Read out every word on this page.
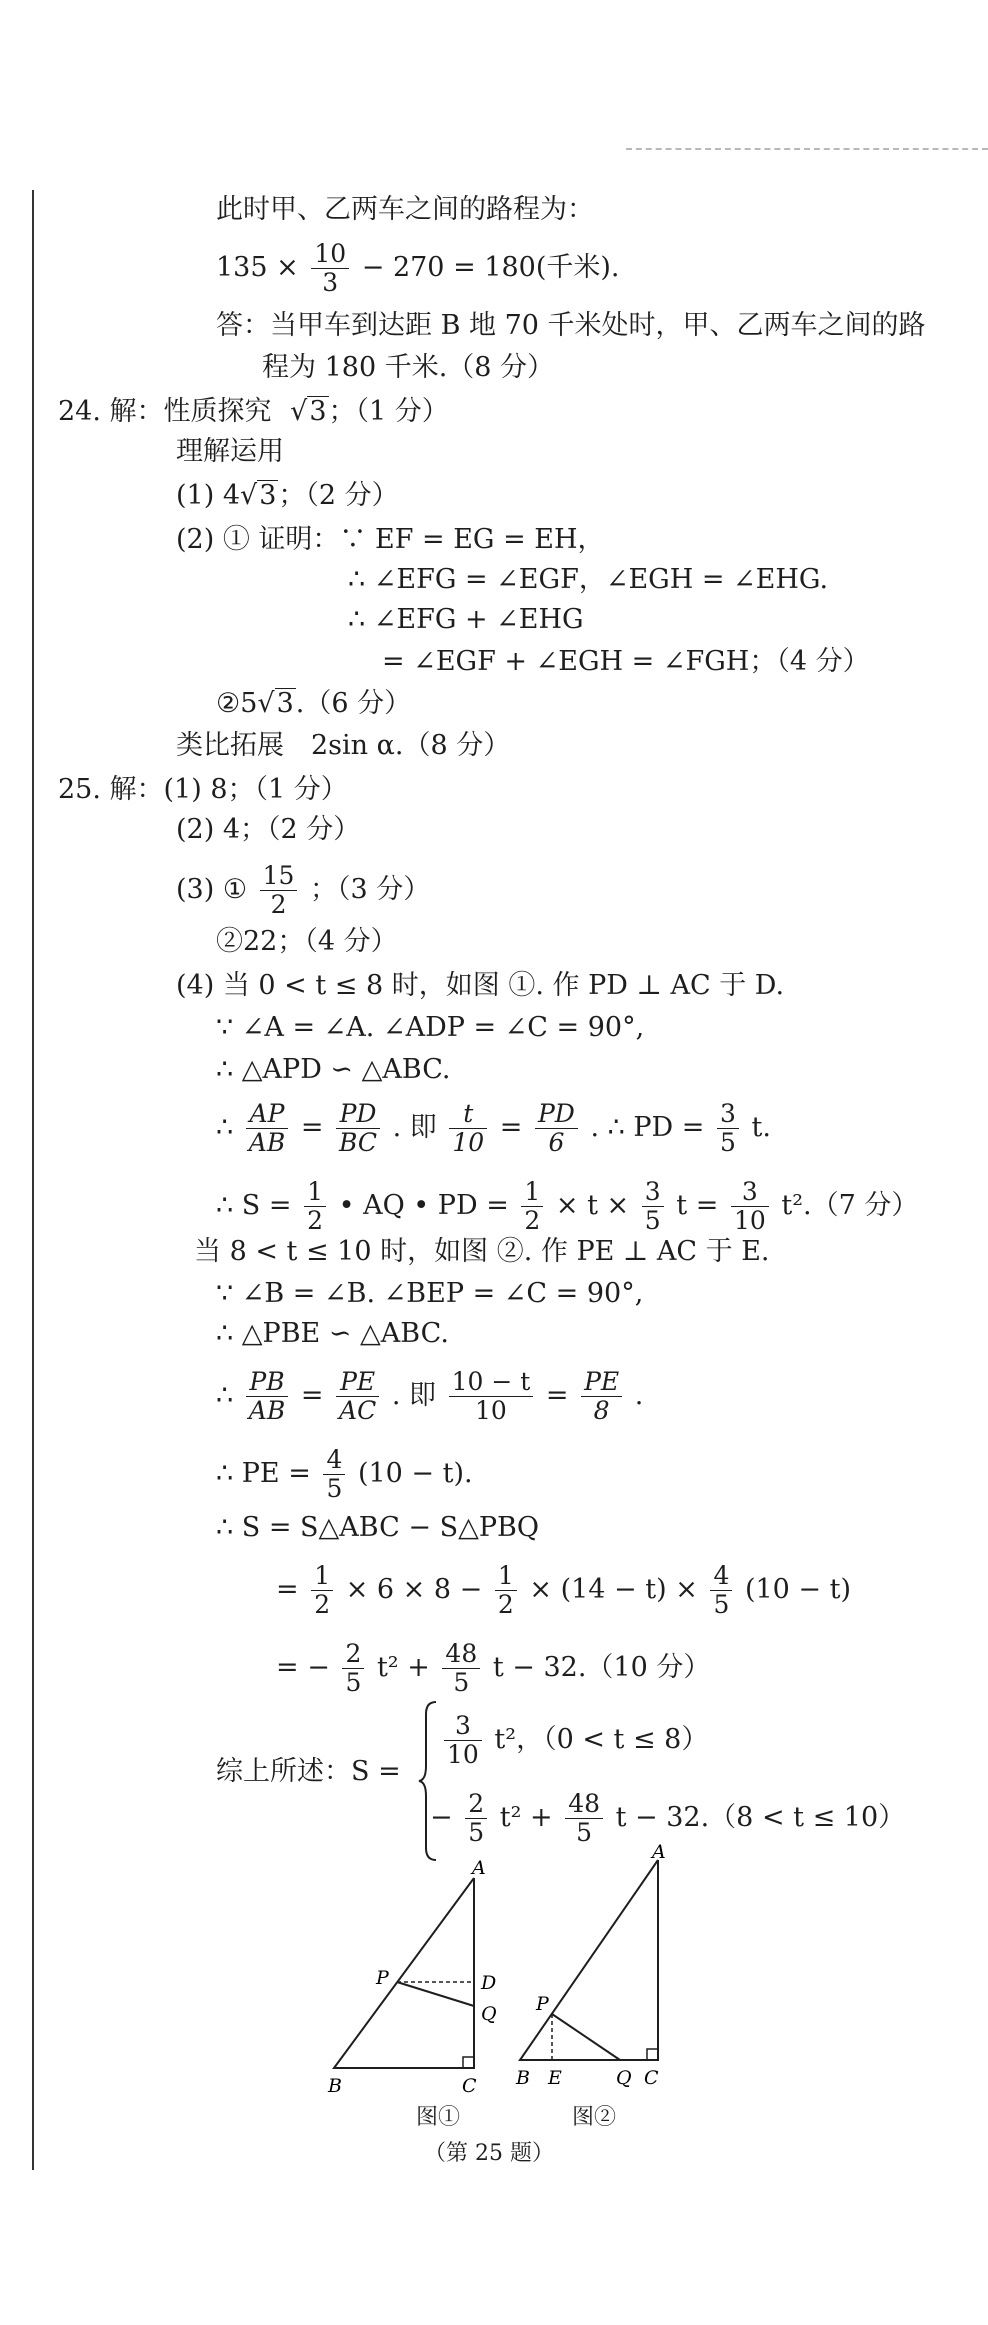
此时甲、乙两车之间的路程为：
$135 \times \frac{10}{3} - 270 = 180$(千米).
答：当甲车到达距 B 地 70 千米处时，甲、乙两车之间的路
程为 180 千米.（8 分）
24. 解：性质探究 √3；（1 分）
理解运用
(1) 4√3；（2 分）
(2) ① 证明：∵ EF = EG = EH，
∴ ∠EFG = ∠EGF，∠EGH = ∠EHG.
∴ ∠EFG + ∠EHG
= ∠EGF + ∠EGH = ∠FGH；（4 分）
②5√3.（6 分）
类比拓展　2sin α.（8 分）
25. 解：(1) 8；（1 分）
(2) 4；（2 分）
(3) ① $\frac{15}{2}$ ；（3 分）
②22；（4 分）
(4) 当 0 < t ≤ 8 时，如图 ①. 作 PD ⊥ AC 于 D.
∵ ∠A = ∠A. ∠ADP = ∠C = 90°,
∴ △APD ∽ △ABC.
∴ $\frac{AP}{AB} = \frac{PD}{BC}$ . 即 $\frac{t}{10} = \frac{PD}{6}$ . ∴ PD = $\frac{3}{5} t$.
∴ $S = \frac{1}{2}$ • AQ • PD = $\frac{1}{2} \times t \times \frac{3}{5}$ $t = \frac{3}{10} t^2.(7$ 分）
当 8 < t ≤ 10 时，如图 ②. 作 PE ⊥ AC 于 E.
∵ ∠B = ∠B. ∠BEP = ∠C = 90°,
∴ △PBE ∽ △ABC.
∴ $\frac{PB}{AB} = \frac{PE}{AC}$ . 即 $\frac{10 - t}{10} = \frac{PE}{8}$ .
∴ PE = $\frac{4}{5} (10 - t)$.
∴ S = S△ABC − S△PBQ
= $\frac{1}{2} \times 6 \times 8 - \frac{1}{2} \times (14 - t) \times \frac{4}{5} (10 - t)$
= − $\frac{2}{5} t^2 + \frac{48}{5}$ t − 32.（10 分）
综上所述：S =
$\frac{3}{10} t^2$，（0 < t ≤ 8）
− $\frac{2}{5} t^2 + \frac{48}{5}$ t − 32.（8 < t ≤ 10）
A
B	C
D
P
Q
A
B E	Q C
P
图①	图②
（第 25 题）
